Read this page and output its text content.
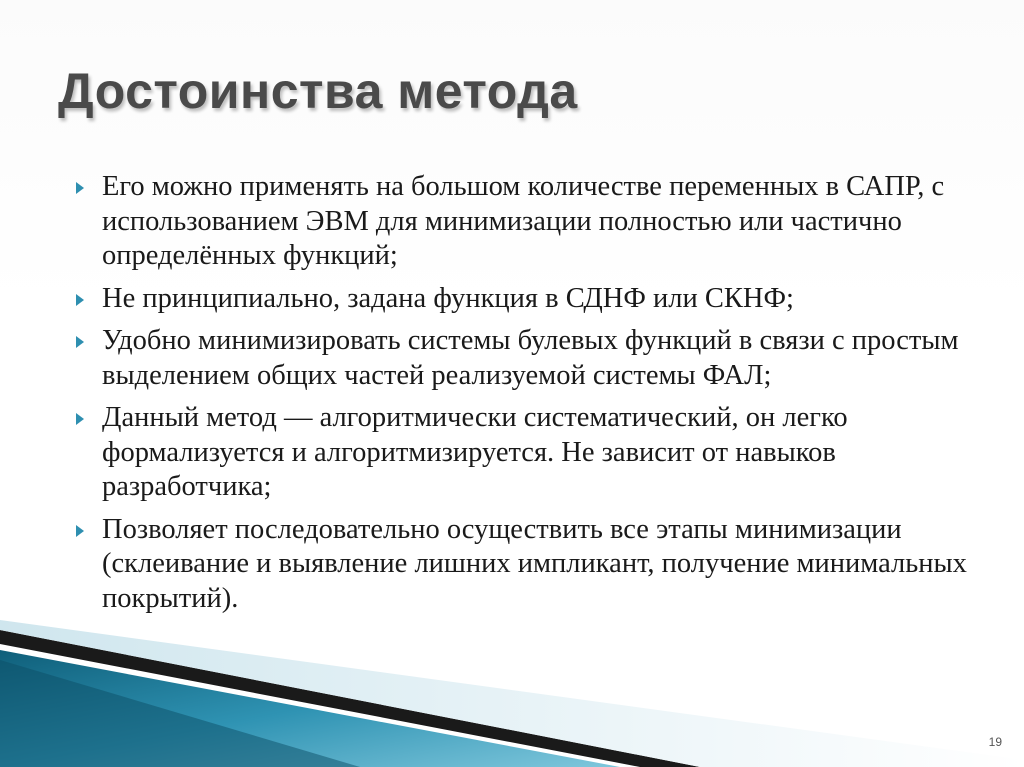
Достоинства метода
Его можно применять на большом количестве переменных в САПР, с использованием ЭВМ для минимизации полностью или частично определённых функций;
Не принципиально, задана функция в СДНФ или СКНФ;
Удобно минимизировать системы булевых функций в связи с простым выделением общих частей реализуемой системы ФАЛ;
Данный метод — алгоритмически систематический, он легко формализуется и алгоритмизируется. Не зависит от навыков разработчика;
Позволяет последовательно осуществить все этапы минимизации (склеивание и выявление лишних импликант, получение минимальных покрытий).
19
